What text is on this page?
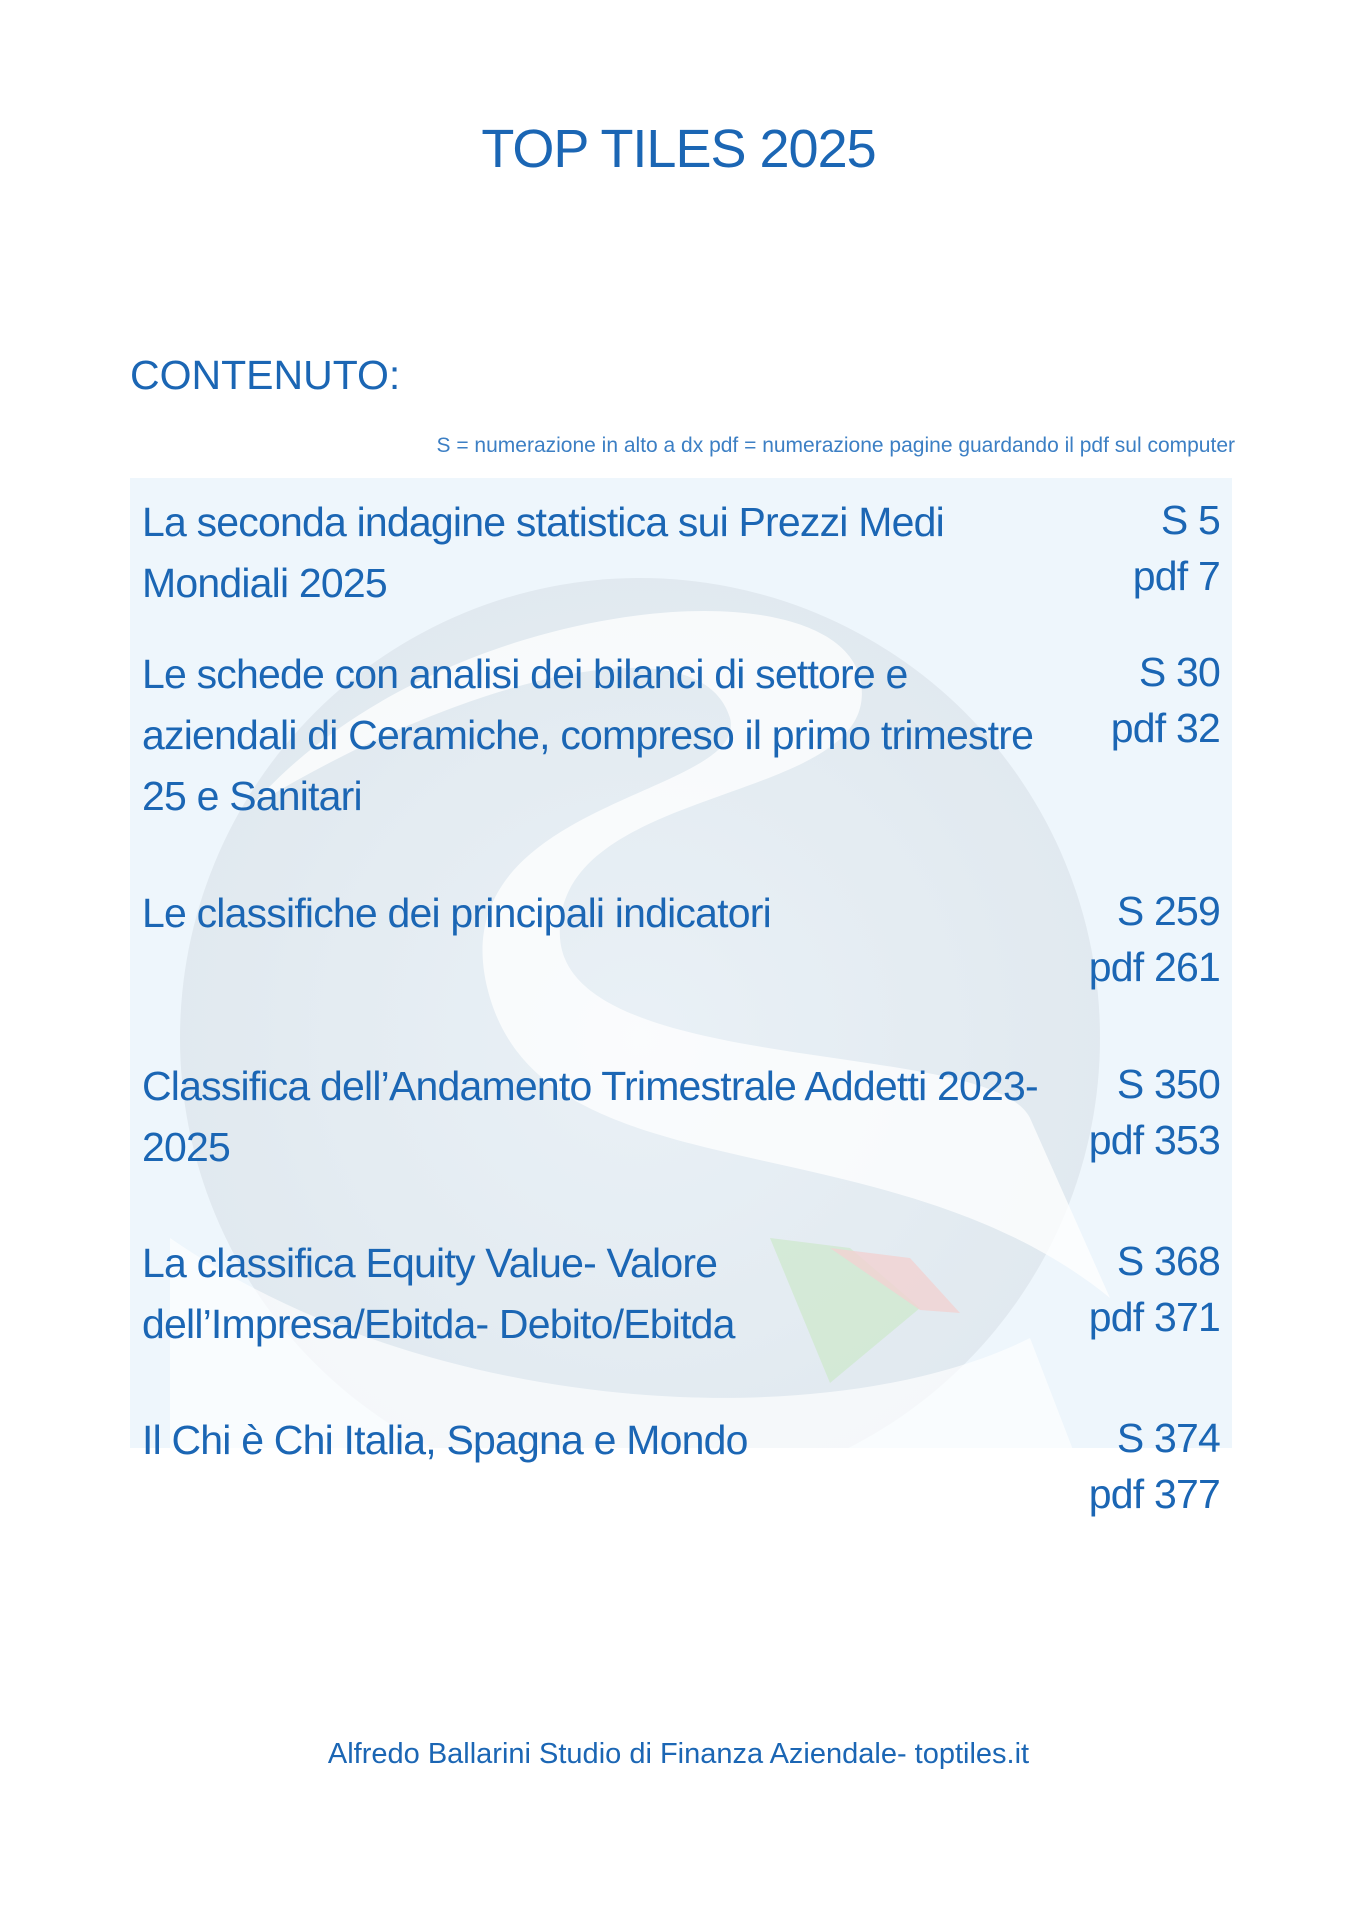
TOP TILES 2025
CONTENUTO:
S = numerazione in alto a dx pdf = numerazione pagine guardando il pdf sul computer
La seconda indagine statistica sui Prezzi Medi Mondiali 2025
S 5
pdf 7
Le schede con analisi dei bilanci di settore e aziendali di Ceramiche, compreso il primo trimestre 25 e Sanitari
S 30
pdf 32
Le classifiche dei principali indicatori	S 259
pdf 261
Classifica dell’Andamento Trimestrale Addetti 2023-2025
S 350
pdf 353
La classifica Equity Value- Valore dell’Impresa/Ebitda- Debito/Ebitda
S 368
pdf 371
Il Chi è Chi Italia, Spagna e Mondo	S 374
pdf 377
Alfredo Ballarini Studio di Finanza Aziendale- toptiles.it
